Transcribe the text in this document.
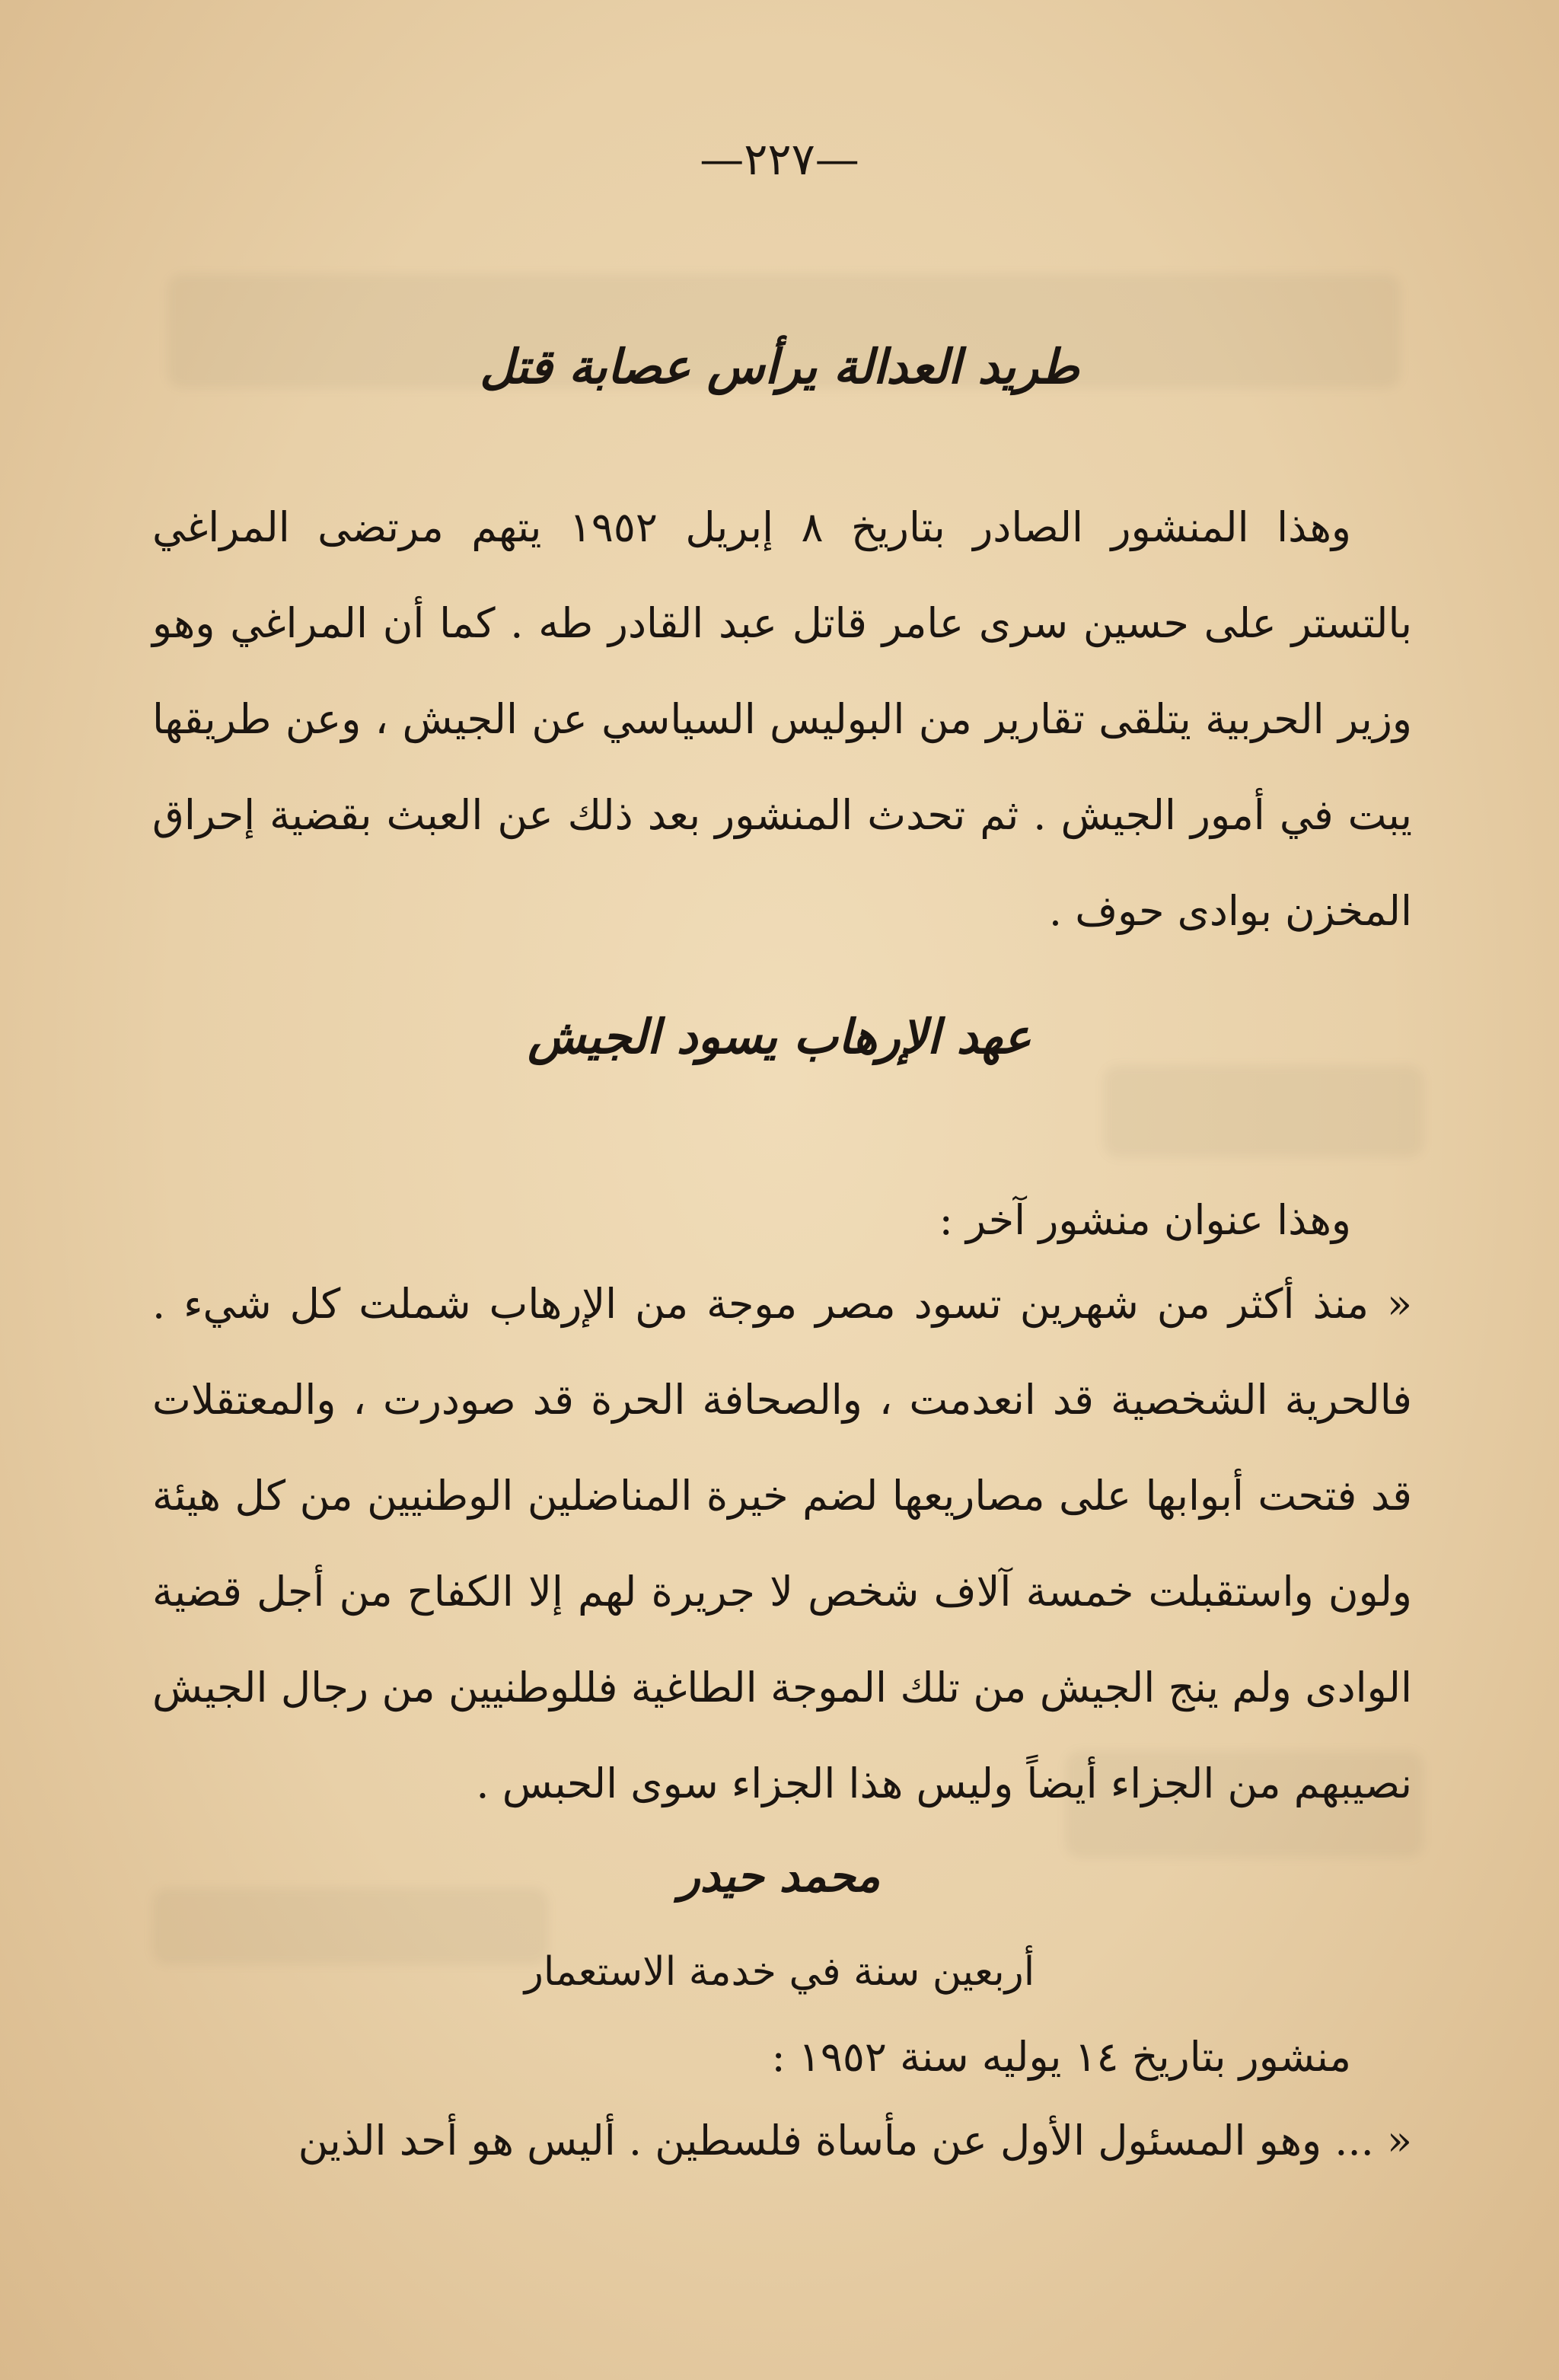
—٢٢٧—
طريد العدالة يرأس عصابة قتل
وهذا المنشور الصادر بتاريخ ٨ إبريل ١٩٥٢ يتهم مرتضى المراغي بالتستر على حسين سرى عامر قاتل عبد القادر طه . كما أن المراغي وهو وزير الحربية يتلقى تقارير من البوليس السياسي عن الجيش ، وعن طريقها يبت في أمور الجيش . ثم تحدث المنشور بعد ذلك عن العبث بقضية إحراق المخزن بوادى حوف .
عهد الإرهاب يسود الجيش
وهذا عنوان منشور آخر :
« منذ أكثر من شهرين تسود مصر موجة من الإرهاب شملت كل شيء . فالحرية الشخصية قد انعدمت ، والصحافة الحرة قد صودرت ، والمعتقلات قد فتحت أبوابها على مصاريعها لضم خيرة المناضلين الوطنيين من كل هيئة ولون واستقبلت خمسة آلاف شخص لا جريرة لهم إلا الكفاح من أجل قضية الوادى ولم ينج الجيش من تلك الموجة الطاغية فللوطنيين من رجال الجيش نصيبهم من الجزاء أيضاً وليس هذا الجزاء سوى الحبس .
محمد حيدر
أربعين سنة في خدمة الاستعمار
منشور بتاريخ ١٤ يوليه سنة ١٩٥٢ :
« ... وهو المسئول الأول عن مأساة فلسطين . أليس هو أحد الذين
